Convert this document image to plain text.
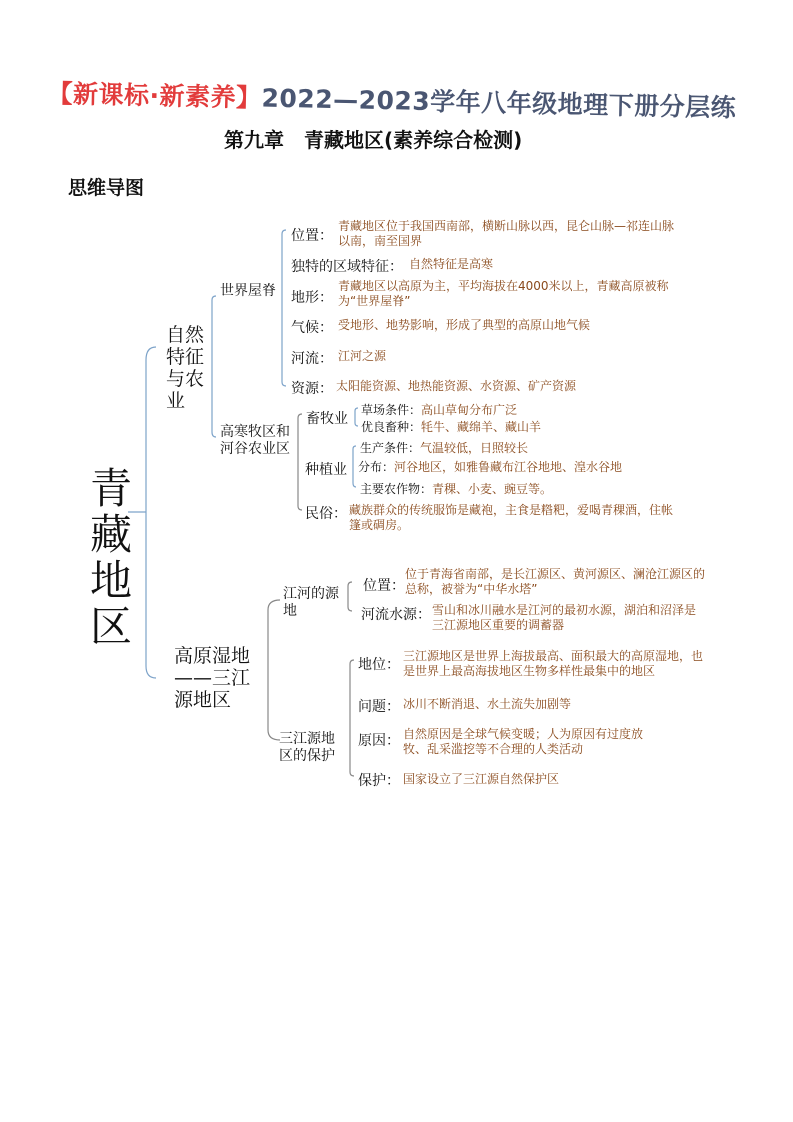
【新课标·新素养】2022—2023学年八年级地理下册分层练
第九章　青藏地区(素养综合检测)
思维导图
青藏地区
自然特征与农业
世界屋脊
高寒牧区和河谷农业区
位置：
青藏地区位于我国西南部，横断山脉以西，昆仑山脉—祁连山脉以南，南至国界
独特的区域特征： 自然特征是高寒
地形：
青藏地区以高原为主，平均海拔在4000米以上，青藏高原被称为“世界屋脊”
气候： 受地形、地势影响，形成了典型的高原山地气候
河流： 江河之源
资源： 太阳能资源、地热能资源、水资源、矿产资源
畜牧业
草场条件：高山草甸分布广泛
优良畜种：牦牛、藏绵羊、藏山羊
种植业
生产条件：气温较低，日照较长
分布：河谷地区，如雅鲁藏布江谷地地、湟水谷地
主要农作物：青稞、小麦、豌豆等。
民俗： 藏族群众的传统服饰是藏袍，主食是糌粑，爱喝青稞酒，住帐篷或碉房。
高原湿地——三江源地区
江河的源地
三江源地区的保护
位置：
位于青海省南部，是长江源区、黄河源区、澜沧江源区的总称，被誉为“中华水塔”
河流水源： 雪山和冰川融水是江河的最初水源，湖泊和沼泽是三江源地区重要的调蓄器
地位：
三江源地区是世界上海拔最高、面积最大的高原湿地，也是世界上最高海拔地区生物多样性最集中的地区
问题： 冰川不断消退、水土流失加剧等
原因： 自然原因是全球气候变暖；人为原因有过度放牧、乱采滥挖等不合理的人类活动
保护： 国家设立了三江源自然保护区
